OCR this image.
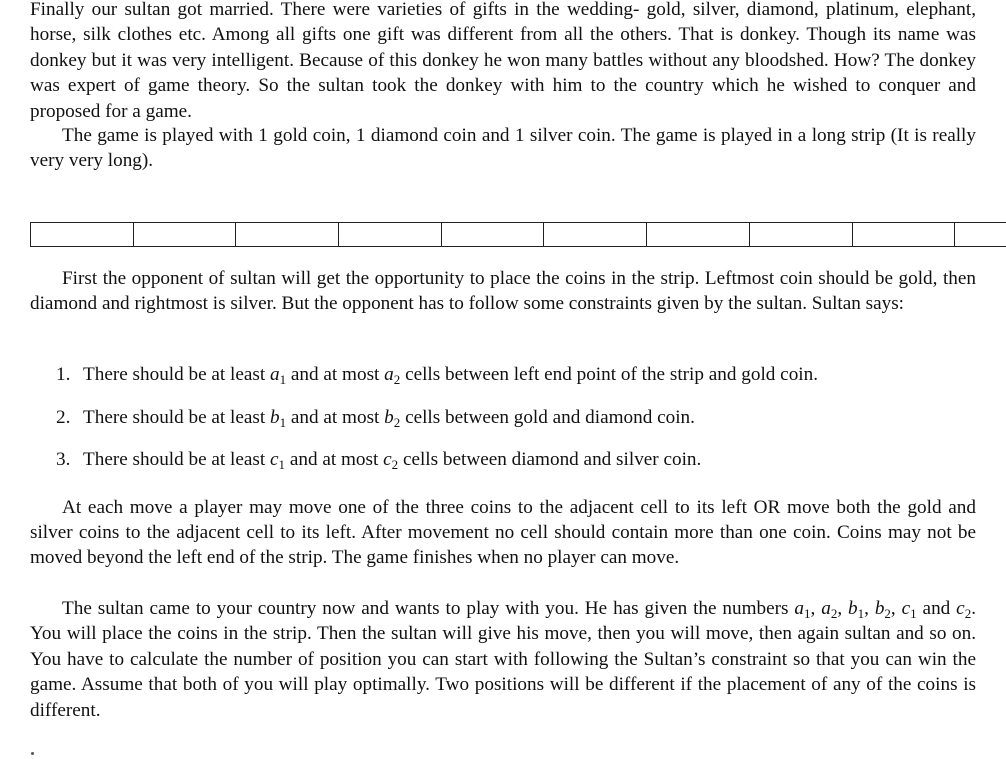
Finally our sultan got married. There were varieties of gifts in the wedding- gold, silver, diamond, platinum, elephant, horse, silk clothes etc. Among all gifts one gift was different from all the others. That is donkey. Though its name was donkey but it was very intelligent. Because of this donkey he won many battles without any bloodshed. How? The donkey was expert of game theory. So the sultan took the donkey with him to the country which he wished to conquer and proposed for a game.

The game is played with 1 gold coin, 1 diamond coin and 1 silver coin. The game is played in a long strip (It is really very very long).

First the opponent of sultan will get the opportunity to place the coins in the strip. Leftmost coin should be gold, then diamond and rightmost is silver. But the opponent has to follow some constraints given by the sultan. Sultan says:

1. There should be at least $a_1$ and at most $a_2$ cells between left end point of the strip and gold coin.
2. There should be at least $b_1$ and at most $b_2$ cells between gold and diamond coin.
3. There should be at least $c_1$ and at most $c_2$ cells between diamond and silver coin.

At each move a player may move one of the three coins to the adjacent cell to its left OR move both the gold and silver coins to the adjacent cell to its left. After movement no cell should contain more than one coin. Coins may not be moved beyond the left end of the strip. The game finishes when no player can move.

The sultan came to your country now and wants to play with you. He has given the numbers $a_1$, $a_2$, $b_1$, $b_2$, $c_1$ and $c_2$. You will place the coins in the strip. Then the sultan will give his move, then you will move, then again sultan and so on. You have to calculate the number of position you can start with following the Sultan’s constraint so that you can win the game. Assume that both of you will play optimally. Two positions will be different if the placement of any of the coins is different.
